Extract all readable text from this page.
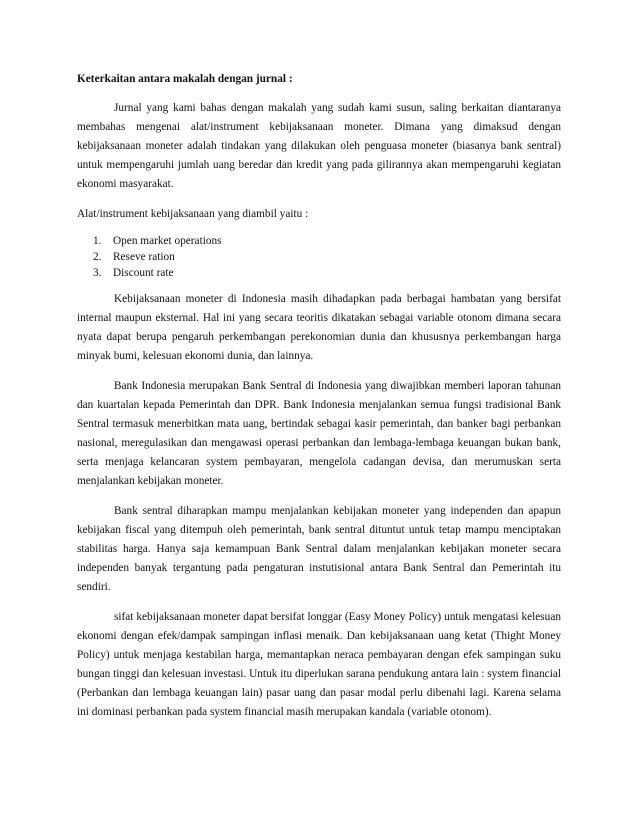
Keterkaitan antara makalah dengan jurnal :

Jurnal yang kami bahas dengan makalah yang sudah kami susun, saling berkaitan diantaranya membahas mengenai alat/instrument kebijaksanaan moneter. Dimana yang dimaksud dengan kebijaksanaan moneter adalah tindakan yang dilakukan oleh penguasa moneter (biasanya bank sentral) untuk mempengaruhi jumlah uang beredar dan kredit yang pada gilirannya akan mempengaruhi kegiatan ekonomi masyarakat.

Alat/instrument kebijaksanaan yang diambil yaitu :

1. Open market operations
2. Reseve ration
3. Discount rate

Kebijaksanaan moneter di Indonesia masih dihadapkan pada berbagai hambatan yang bersifat internal maupun eksternal. Hal ini yang secara teoritis dikatakan sebagai variable otonom dimana secara nyata dapat berupa pengaruh perkembangan perekonomian dunia dan khususnya perkembangan harga minyak bumi, kelesuan ekonomi dunia, dan lainnya.

Bank Indonesia merupakan Bank Sentral di Indonesia yang diwajibkan memberi laporan tahunan dan kuartalan kepada Pemerintah dan DPR. Bank Indonesia menjalankan semua fungsi tradisional Bank Sentral termasuk menerbitkan mata uang, bertindak sebagai kasir pemerintah, dan banker bagi perbankan nasional, meregulasikan dan mengawasi operasi perbankan dan lembaga-lembaga keuangan bukan bank, serta menjaga kelancaran system pembayaran, mengelola cadangan devisa, dan merumuskan serta menjalankan kebijakan moneter.

Bank sentral diharapkan mampu menjalankan kebijakan moneter yang independen dan apapun kebijakan fiscal yang ditempuh oleh pemerintah, bank sentral dituntut untuk tetap mampu menciptakan stabilitas harga. Hanya saja kemampuan Bank Sentral dalam menjalankan kebijakan moneter secara independen banyak tergantung pada pengaturan instutisional antara Bank Sentral dan Pemerintah itu sendiri.

sifat kebijaksanaan moneter dapat bersifat longgar (Easy Money Policy) untuk mengatasi kelesuan ekonomi dengan efek/dampak sampingan inflasi menaik. Dan kebijaksanaan uang ketat (Thight Money Policy) untuk menjaga kestabilan harga, memantapkan neraca pembayaran dengan efek sampingan suku bungan tinggi dan kelesuan investasi. Untuk itu diperlukan sarana pendukung antara lain : system financial (Perbankan dan lembaga keuangan lain) pasar uang dan pasar modal perlu dibenahi lagi. Karena selama ini dominasi perbankan pada system financial masih merupakan kandala (variable otonom).
